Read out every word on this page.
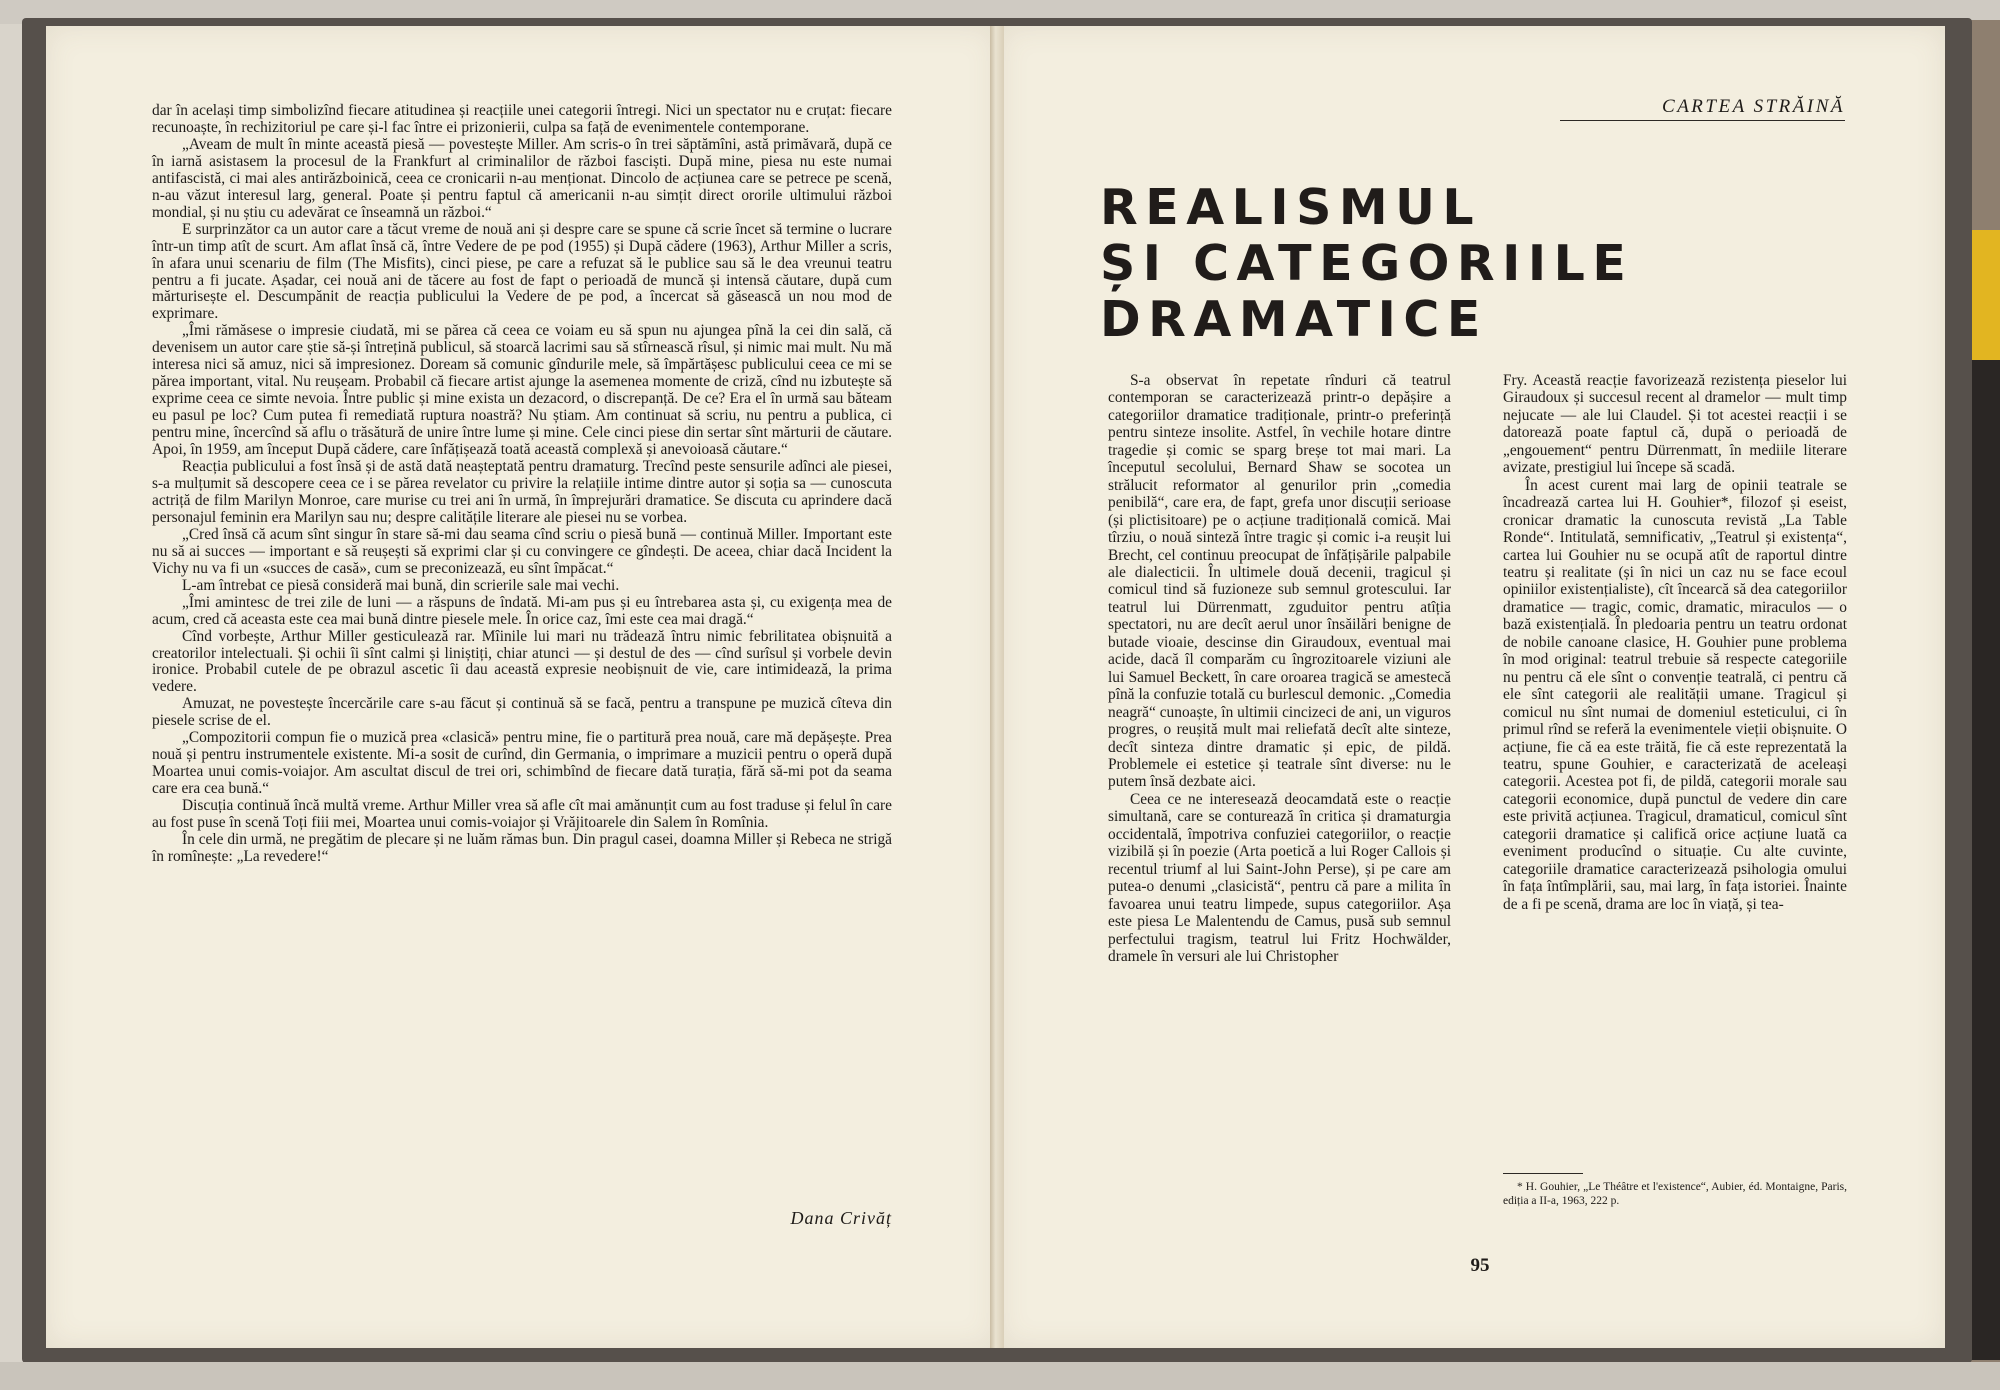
dar în același timp simbolizînd fiecare atitudinea și reacțiile unei categorii întregi. Nici un spectator nu e cruțat: fiecare recunoaște, în rechizitoriul pe care și-l fac între ei prizonierii, culpa sa față de evenimentele contemporane.

„Aveam de mult în minte această piesă — povestește Miller. Am scris-o în trei săptămîni, astă primăvară, după ce în iarnă asistasem la procesul de la Frankfurt al criminalilor de război fasciști. După mine, piesa nu este numai antifascistă, ci mai ales antirăzboinică, ceea ce cronicarii n-au menționat. Dincolo de acțiunea care se petrece pe scenă, n-au văzut interesul larg, general. Poate și pentru faptul că americanii n-au simțit direct ororile ultimului război mondial, și nu știu cu adevărat ce înseamnă un război.“

E surprinzător ca un autor care a tăcut vreme de nouă ani și despre care se spune că scrie încet să termine o lucrare într-un timp atît de scurt. Am aflat însă că, între Vedere de pe pod (1955) și După cădere (1963), Arthur Miller a scris, în afara unui scenariu de film (The Misfits), cinci piese, pe care a refuzat să le publice sau să le dea vreunui teatru pentru a fi jucate. Așadar, cei nouă ani de tăcere au fost de fapt o perioadă de muncă și intensă căutare, după cum mărturisește el. Descumpănit de reacția publicului la Vedere de pe pod, a încercat să găsească un nou mod de exprimare.

„Îmi rămăsese o impresie ciudată, mi se părea că ceea ce voiam eu să spun nu ajungea pînă la cei din sală, că devenisem un autor care știe să-și întrețină publicul, să stoarcă lacrimi sau să stîrnească rîsul, și nimic mai mult. Nu mă interesa nici să amuz, nici să impresionez. Doream să comunic gîndurile mele, să împărtășesc publicului ceea ce mi se părea important, vital. Nu reușeam. Probabil că fiecare artist ajunge la asemenea momente de criză, cînd nu izbutește să exprime ceea ce simte nevoia. Între public și mine exista un dezacord, o discrepanță. De ce? Era el în urmă sau băteam eu pasul pe loc? Cum putea fi remediată ruptura noastră? Nu știam. Am continuat să scriu, nu pentru a publica, ci pentru mine, încercînd să aflu o trăsătură de unire între lume și mine. Cele cinci piese din sertar sînt mărturii de căutare. Apoi, în 1959, am început După cădere, care înfățișează toată această complexă și anevoioasă căutare.“

Reacția publicului a fost însă și de astă dată neașteptată pentru dramaturg. Trecînd peste sensurile adînci ale piesei, s-a mulțumit să descopere ceea ce i se părea revelator cu privire la relațiile intime dintre autor și soția sa — cunoscuta actriță de film Marilyn Monroe, care murise cu trei ani în urmă, în împrejurări dramatice. Se discuta cu aprindere dacă personajul feminin era Marilyn sau nu; despre calitățile literare ale piesei nu se vorbea.

„Cred însă că acum sînt singur în stare să-mi dau seama cînd scriu o piesă bună — continuă Miller. Important este nu să ai succes — important e să reușești să exprimi clar și cu convingere ce gîndești. De aceea, chiar dacă Incident la Vichy nu va fi un «succes de casă», cum se preconizează, eu sînt împăcat.“

L-am întrebat ce piesă consideră mai bună, din scrierile sale mai vechi.

„Îmi amintesc de trei zile de luni — a răspuns de îndată. Mi-am pus și eu întrebarea asta și, cu exigența mea de acum, cred că aceasta este cea mai bună dintre piesele mele. În orice caz, îmi este cea mai dragă.“

Cînd vorbește, Arthur Miller gesticulează rar. Mîinile lui mari nu trădează întru nimic febrilitatea obișnuită a creatorilor intelectuali. Și ochii îi sînt calmi și liniștiți, chiar atunci — și destul de des — cînd surîsul și vorbele devin ironice. Probabil cutele de pe obrazul ascetic îi dau această expresie neobișnuit de vie, care intimidează, la prima vedere.

Amuzat, ne povestește încercările care s-au făcut și continuă să se facă, pentru a transpune pe muzică cîteva din piesele scrise de el.

„Compozitorii compun fie o muzică prea «clasică» pentru mine, fie o partitură prea nouă, care mă depășește. Prea nouă și pentru instrumentele existente. Mi-a sosit de curînd, din Germania, o imprimare a muzicii pentru o operă după Moartea unui comis-voiajor. Am ascultat discul de trei ori, schimbînd de fiecare dată turația, fără să-mi pot da seama care era cea bună.“

Discuția continuă încă multă vreme. Arthur Miller vrea să afle cît mai amănunțit cum au fost traduse și felul în care au fost puse în scenă Toți fiii mei, Moartea unui comis-voiajor și Vrăjitoarele din Salem în Romînia.

În cele din urmă, ne pregătim de plecare și ne luăm rămas bun. Din pragul casei, doamna Miller și Rebeca ne strigă în romînește: „La revedere!“

Dana Crivăț
CARTEA STRĂINĂ
REALISMUL
ȘI CATEGORIILE
DRAMATICE

S-a observat în repetate rînduri că teatrul contemporan se caracterizează printr-o depășire a categoriilor dramatice tradiționale, printr-o preferință pentru sinteze insolite. Astfel, în vechile hotare dintre tragedie și comic se sparg breșe tot mai mari. La începutul secolului, Bernard Shaw se socotea un strălucit reformator al genurilor prin „comedia penibilă“, care era, de fapt, grefa unor discuții serioase (și plictisitoare) pe o acțiune tradițională comică. Mai tîrziu, o nouă sinteză între tragic și comic i-a reușit lui Brecht, cel continuu preocupat de înfățișările palpabile ale dialecticii. În ultimele două decenii, tragicul și comicul tind să fuzioneze sub semnul grotescului. Iar teatrul lui Dürrenmatt, zguduitor pentru atîția spectatori, nu are decît aerul unor însăilări benigne de butade vioaie, descinse din Giraudoux, eventual mai acide, dacă îl comparăm cu îngrozitoarele viziuni ale lui Samuel Beckett, în care oroarea tragică se amestecă pînă la confuzie totală cu burlescul demonic. „Comedia neagră“ cunoaște, în ultimii cincizeci de ani, un viguros progres, o reușită mult mai reliefată decît alte sinteze, decît sinteza dintre dramatic și epic, de pildă. Problemele ei estetice și teatrale sînt diverse: nu le putem însă dezbate aici.

Ceea ce ne interesează deocamdată este o reacție simultană, care se conturează în critica și dramaturgia occidentală, împotriva confuziei categoriilor, o reacție vizibilă și în poezie (Arta poetică a lui Roger Callois și recentul triumf al lui Saint-John Perse), și pe care am putea-o denumi „clasicistă“, pentru că pare a milita în favoarea unui teatru limpede, supus categoriilor. Așa este piesa Le Malentendu de Camus, pusă sub semnul perfectului tragism, teatrul lui Fritz Hochwälder, dramele în versuri ale lui Christopher

Fry. Această reacție favorizează rezistența pieselor lui Giraudoux și succesul recent al dramelor — mult timp nejucate — ale lui Claudel. Și tot acestei reacții i se datorează poate faptul că, după o perioadă de „engouement“ pentru Dürrenmatt, în mediile literare avizate, prestigiul lui începe să scadă.

În acest curent mai larg de opinii teatrale se încadrează cartea lui H. Gouhier*, filozof și eseist, cronicar dramatic la cunoscuta revistă „La Table Ronde“. Intitulată, semnificativ, „Teatrul și existența“, cartea lui Gouhier nu se ocupă atît de raportul dintre teatru și realitate (și în nici un caz nu se face ecoul opiniilor existențialiste), cît încearcă să dea categoriilor dramatice — tragic, comic, dramatic, miraculos — o bază existențială. În pledoaria pentru un teatru ordonat de nobile canoane clasice, H. Gouhier pune problema în mod original: teatrul trebuie să respecte categoriile nu pentru că ele sînt o convenție teatrală, ci pentru că ele sînt categorii ale realității umane. Tragicul și comicul nu sînt numai de domeniul esteticului, ci în primul rînd se referă la evenimentele vieții obișnuite. O acțiune, fie că ea este trăită, fie că este reprezentată la teatru, spune Gouhier, e caracterizată de aceleași categorii. Acestea pot fi, de pildă, categorii morale sau categorii economice, după punctul de vedere din care este privită acțiunea. Tragicul, dramaticul, comicul sînt categorii dramatice și califică orice acțiune luată ca eveniment producînd o situație. Cu alte cuvinte, categoriile dramatice caracterizează psihologia omului în fața întîmplării, sau, mai larg, în fața istoriei. Înainte de a fi pe scenă, drama are loc în viață, și tea-

* H. Gouhier, „Le Théâtre et l'existence“, Aubier, éd. Montaigne, Paris, ediția a II-a, 1963, 222 p.
95
